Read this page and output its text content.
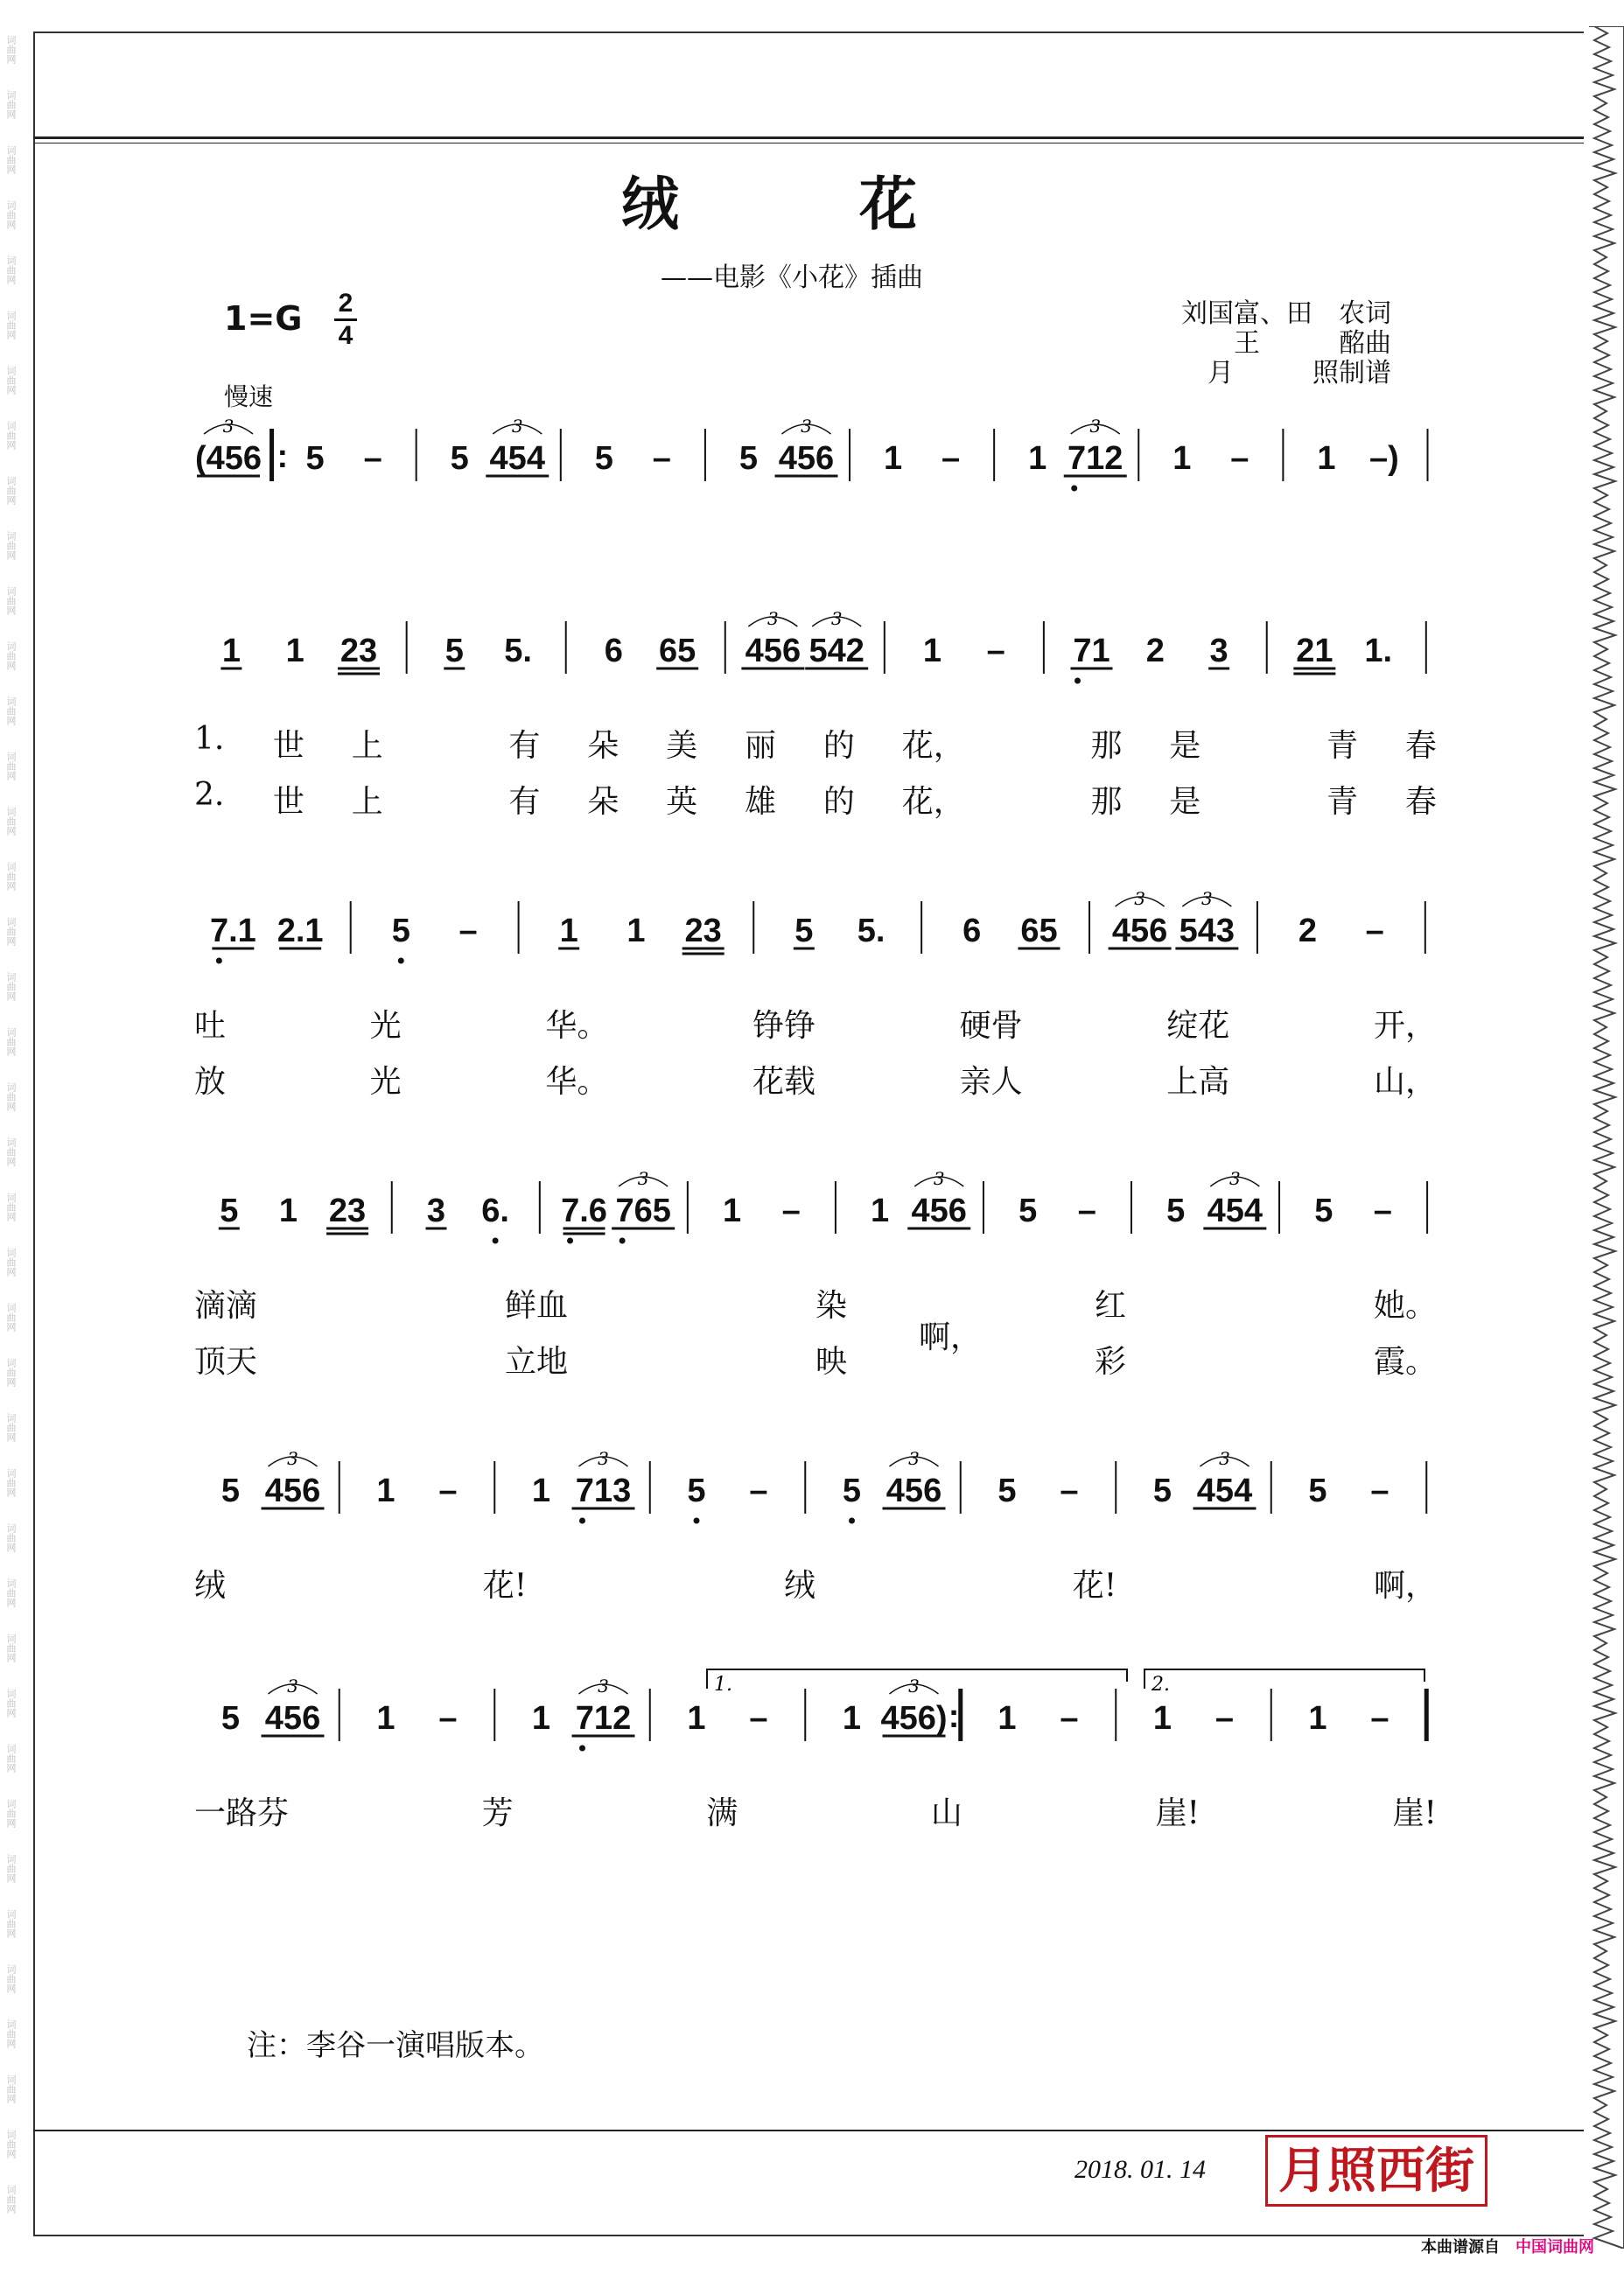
词曲网
词曲网
词曲网
词曲网
词曲网
词曲网
词曲网
词曲网
词曲网
词曲网
词曲网
词曲网
词曲网
词曲网
词曲网
词曲网
词曲网
词曲网
词曲网
词曲网
词曲网
词曲网
词曲网
词曲网
词曲网
词曲网
词曲网
词曲网
词曲网
词曲网
词曲网
词曲网
词曲网
词曲网
词曲网
词曲网
词曲网
词曲网
词曲网
词曲网
绒　　　花
——电影《小花》插曲
1=G 2
4
慢速
刘国富、田　农词
王　　　酩曲
月　　　照制谱
(456
3
: 5 – 5 454
3
5 – 5 456
3
1 – 1 712
3
1 – 1 –)
1 1 23 5 5. 6 65 456
3
542
3
1 – 71 2 3 21 1.
7.1 2.1 5 – 1 1 23 5 5. 6 65 456
3
543
3
2 –
5 1 23 3 6. 7.6 765
3
1 – 1 456
3
5 – 5 454
3
5 –
5 456
3
1 – 1 713
3
5 – 5 456
3
5 – 5 454
3
5 –
5 456
3
1 – 1 712
3
1 – 1 456)
3
: 1 – 1 – 1 –
1.	2.
注：李谷一演唱版本。
2018. 01. 14 月照西街
本曲谱源自 中国词曲网
1. 世 上	有 朵 美 丽 的 花，	那 是	青 春
2. 世 上	有 朵 英 雄 的 花，	那 是	青 春
吐	光	华。	铮铮	硬骨	绽花	开，
放	光	华。	花载	亲人	上高	山，
滴滴	鲜血	染	红	她。
顶天	立地	映	彩	霞。
啊，
绒	花!	绒	花!	啊，
一路芬	芳	满	山	崖!	崖!
